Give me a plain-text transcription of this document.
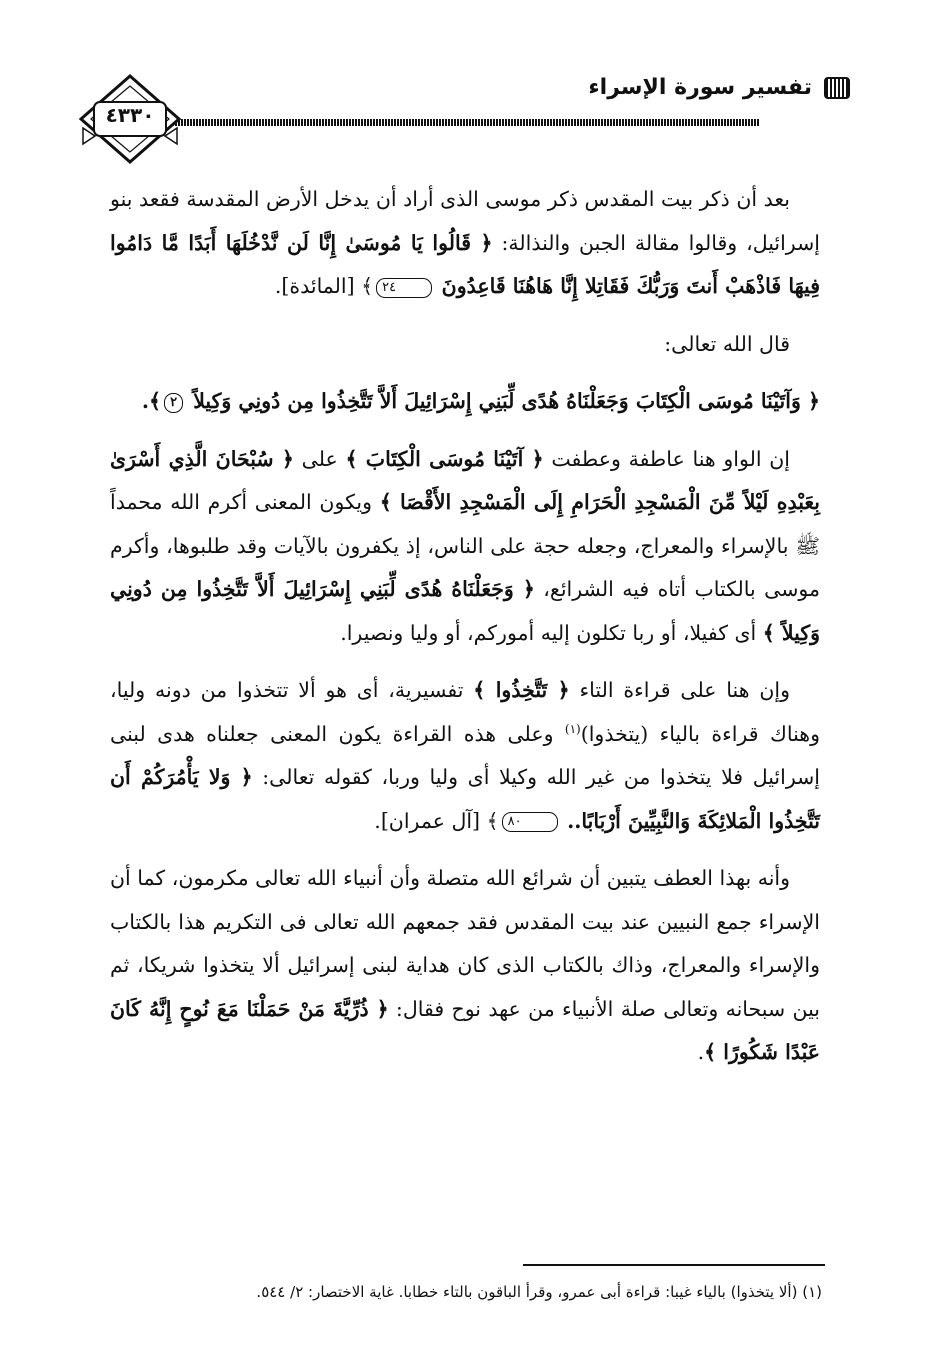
تفسير سورة الإسراء
٤٣٣٠

بعد أن ذكر بيت المقدس ذكر موسى الذى أراد أن يدخل الأرض المقدسة فقعد بنو إسرائيل، وقالوا مقالة الجبن والنذالة: ﴿ قَالُوا يَا مُوسَىٰ إِنَّا لَن نَّدْخُلَهَا أَبَدًا مَّا دَامُوا فِيهَا فَاذْهَبْ أَنتَ وَرَبُّكَ فَقَاتِلا إِنَّا هَاهُنَا قَاعِدُونَ ٢٤﴾ [المائدة].

قال الله تعالى:

﴿ وَآتَيْنَا مُوسَى الْكِتَابَ وَجَعَلْنَاهُ هُدًى لِّبَنِي إِسْرَائِيلَ أَلاَّ تَتَّخِذُوا مِن دُونِي وَكِيلاً ٢﴾.

إن الواو هنا عاطفة وعطفت ﴿ آتَيْنَا مُوسَى الْكِتَابَ ﴾ على ﴿ سُبْحَانَ الَّذِي أَسْرَىٰ بِعَبْدِهِ لَيْلاً مِّنَ الْمَسْجِدِ الْحَرَامِ إِلَى الْمَسْجِدِ الأَقْصَا ﴾ ويكون المعنى أكرم الله محمداً ﷺ بالإسراء والمعراج، وجعله حجة على الناس، إذ يكفرون بالآيات وقد طلبوها، وأكرم موسى بالكتاب أتاه فيه الشرائع، ﴿ وَجَعَلْنَاهُ هُدًى لِّبَنِي إِسْرَائِيلَ أَلاَّ تَتَّخِذُوا مِن دُونِي وَكِيلاً ﴾ أى كفيلا، أو ربا تكلون إليه أموركم، أو وليا ونصيرا.

وإن هنا على قراءة التاء ﴿ تَتَّخِذُوا ﴾ تفسيرية، أى هو ألا تتخذوا من دونه وليا، وهناك قراءة بالياء (يتخذوا)$^{(١)}$ وعلى هذه القراءة يكون المعنى جعلناه هدى لبنى إسرائيل فلا يتخذوا من غير الله وكيلا أى وليا وربا، كقوله تعالى: ﴿ وَلا يَأْمُرَكُمْ أَن تَتَّخِذُوا الْمَلائِكَةَ وَالنَّبِيِّينَ أَرْبَابًا.. ٨٠﴾ [آل عمران].

وأنه بهذا العطف يتبين أن شرائع الله متصلة وأن أنبياء الله تعالى مكرمون، كما أن الإسراء جمع النبيين عند بيت المقدس فقد جمعهم الله تعالى فى التكريم هذا بالكتاب والإسراء والمعراج، وذاك بالكتاب الذى كان هداية لبنى إسرائيل ألا يتخذوا شريكا، ثم بين سبحانه وتعالى صلة الأنبياء من عهد نوح فقال: ﴿ ذُرِّيَّةَ مَنْ حَمَلْنَا مَعَ نُوحٍ إِنَّهُ كَانَ عَبْدًا شَكُورًا ﴾.

(١) (ألا يتخذوا) بالياء غيبا: قراءة أبى عمرو، وقرأ الباقون بالتاء خطابا. غاية الاختصار: ٢/ ٥٤٤.
